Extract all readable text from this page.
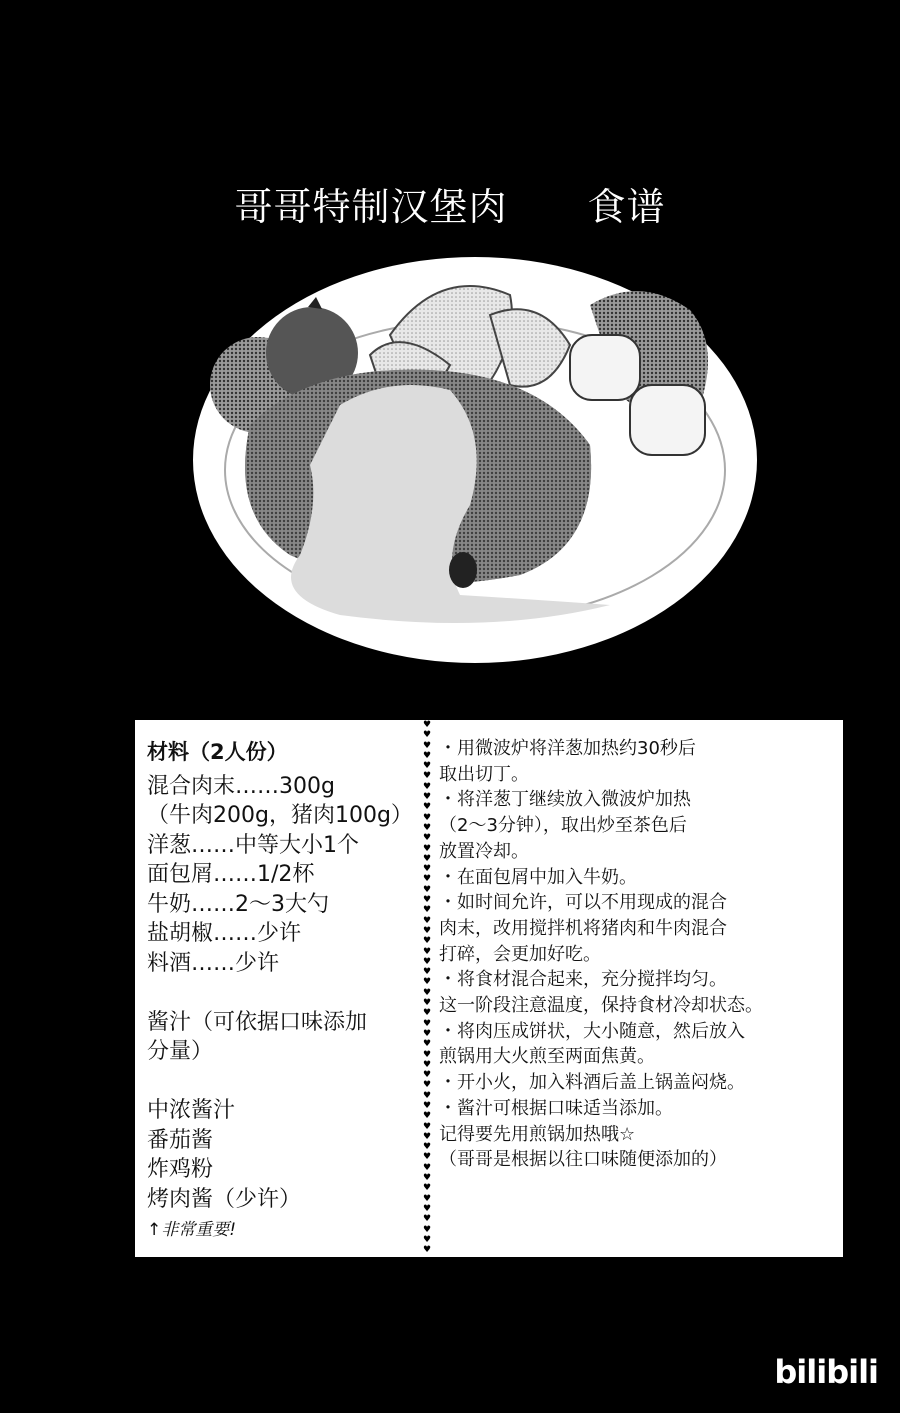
哥哥特制汉堡肉 食谱
材料（2人份）
混合肉末……300g
（牛肉200g，猪肉100g）
洋葱……中等大小1个
面包屑……1/2杯
牛奶……2～3大勺
盐胡椒……少许
料酒……少许
酱汁（可依据口味添加
分量）
中浓酱汁
番茄酱
炸鸡粉
烤肉酱（少许）
↑非常重要!
♥
♥
♥
♥
♥
♥
♥
♥
♥
♥
♥
♥
♥
♥
♥
♥
♥
♥
♥
♥
♥
♥
♥
♥
♥
♥
♥
♥
♥
♥
♥
♥
♥
♥
♥
♥
♥
♥
♥
♥
♥
♥
♥
♥
♥
♥
♥
♥
♥
♥
♥
♥
・用微波炉将洋葱加热约30秒后
取出切丁。
・将洋葱丁继续放入微波炉加热
（2～3分钟），取出炒至茶色后
放置冷却。
・在面包屑中加入牛奶。
・如时间允许，可以不用现成的混合
肉末，改用搅拌机将猪肉和牛肉混合
打碎，会更加好吃。
・将食材混合起来，充分搅拌均匀。
这一阶段注意温度，保持食材冷却状态。
・将肉压成饼状，大小随意，然后放入
煎锅用大火煎至两面焦黄。
・开小火，加入料酒后盖上锅盖闷烧。
・酱汁可根据口味适当添加。
记得要先用煎锅加热哦☆
（哥哥是根据以往口味随便添加的）
bilibili
